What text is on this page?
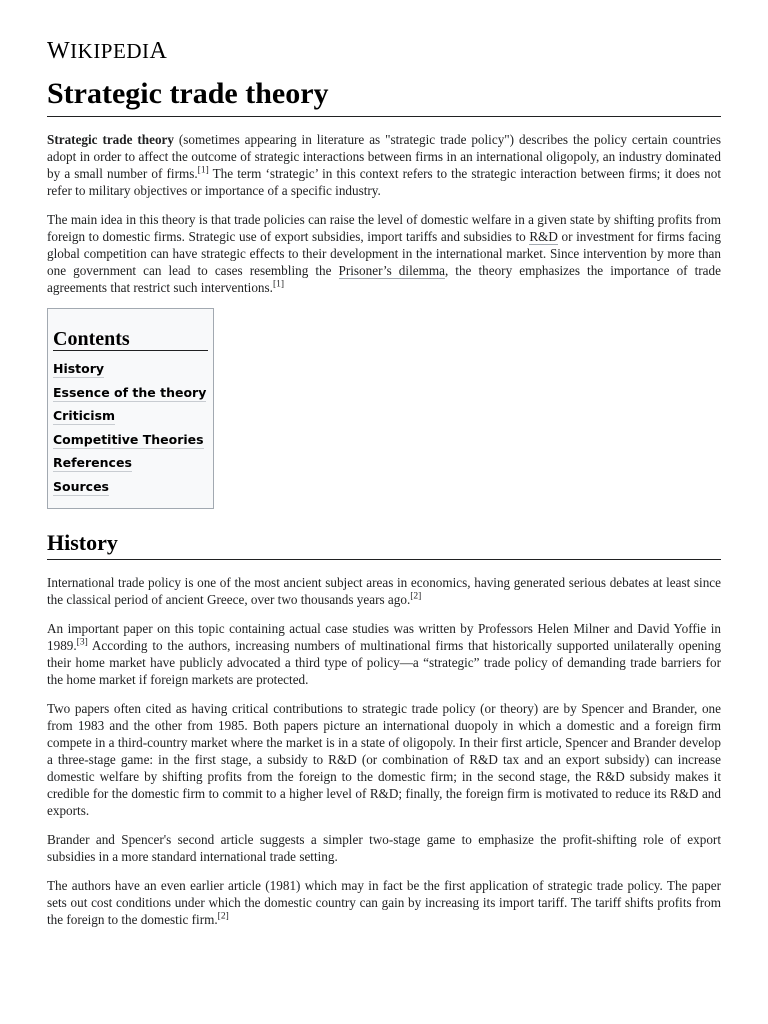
WIKIPEDIA
Strategic trade theory

Strategic trade theory (sometimes appearing in literature as "strategic trade policy") describes the policy certain countries adopt in order to affect the outcome of strategic interactions between firms in an international oligopoly, an industry dominated by a small number of firms.[1] The term ‘strategic’ in this context refers to the strategic interaction between firms; it does not refer to military objectives or importance of a specific industry.

The main idea in this theory is that trade policies can raise the level of domestic welfare in a given state by shifting profits from foreign to domestic firms. Strategic use of export subsidies, import tariffs and subsidies to R&D or investment for firms facing global competition can have strategic effects to their development in the international market. Since intervention by more than one government can lead to cases resembling the Prisoner’s dilemma, the theory emphasizes the importance of trade agreements that restrict such interventions.[1]

Contents
History
Essence of the theory
Criticism
Competitive Theories
References
Sources
History

International trade policy is one of the most ancient subject areas in economics, having generated serious debates at least since the classical period of ancient Greece, over two thousands years ago.[2]

An important paper on this topic containing actual case studies was written by Professors Helen Milner and David Yoffie in 1989.[3] According to the authors, increasing numbers of multinational firms that historically supported unilaterally opening their home market have publicly advocated a third type of policy—a “strategic” trade policy of demanding trade barriers for the home market if foreign markets are protected.

Two papers often cited as having critical contributions to strategic trade policy (or theory) are by Spencer and Brander, one from 1983 and the other from 1985. Both papers picture an international duopoly in which a domestic and a foreign firm compete in a third-country market where the market is in a state of oligopoly. In their first article, Spencer and Brander develop a three-stage game: in the first stage, a subsidy to R&D (or combination of R&D tax and an export subsidy) can increase domestic welfare by shifting profits from the foreign to the domestic firm; in the second stage, the R&D subsidy makes it credible for the domestic firm to commit to a higher level of R&D; finally, the foreign firm is motivated to reduce its R&D and exports.

Brander and Spencer's second article suggests a simpler two-stage game to emphasize the profit-shifting role of export subsidies in a more standard international trade setting.

The authors have an even earlier article (1981) which may in fact be the first application of strategic trade policy. The paper sets out cost conditions under which the domestic country can gain by increasing its import tariff. The tariff shifts profits from the foreign to the domestic firm.[2]
